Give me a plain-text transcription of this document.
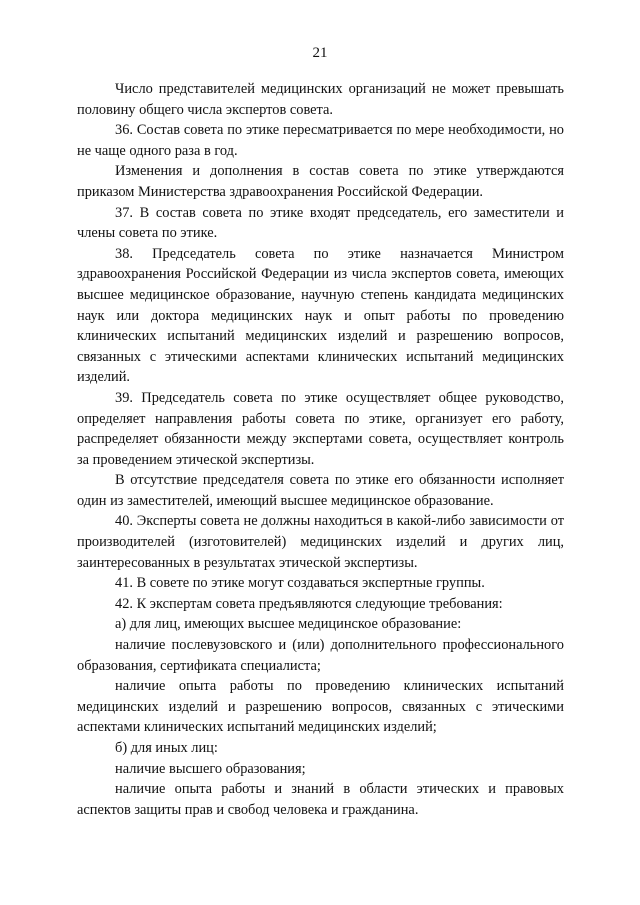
21

Число представителей медицинских организаций не может превышать половину общего числа экспертов совета.

36. Состав совета по этике пересматривается по мере необходимости, но не чаще одного раза в год.

Изменения и дополнения в состав совета по этике утверждаются приказом Министерства здравоохранения Российской Федерации.

37. В состав совета по этике входят председатель, его заместители и члены совета по этике.

38. Председатель совета по этике назначается Министром здравоохранения Российской Федерации из числа экспертов совета, имеющих высшее медицинское образование, научную степень кандидата медицинских наук или доктора медицинских наук и опыт работы по проведению клинических испытаний медицинских изделий и разрешению вопросов, связанных с этическими аспектами клинических испытаний медицинских изделий.

39. Председатель совета по этике осуществляет общее руководство, определяет направления работы совета по этике, организует его работу, распределяет обязанности между экспертами совета, осуществляет контроль за проведением этической экспертизы.

В отсутствие председателя совета по этике его обязанности исполняет один из заместителей, имеющий высшее медицинское образование.

40. Эксперты совета не должны находиться в какой-либо зависимости от производителей (изготовителей) медицинских изделий и других лиц, заинтересованных в результатах этической экспертизы.

41. В совете по этике могут создаваться экспертные группы.

42. К экспертам совета предъявляются следующие требования:

а) для лиц, имеющих высшее медицинское образование:

наличие послевузовского и (или) дополнительного профессионального образования, сертификата специалиста;

наличие опыта работы по проведению клинических испытаний медицинских изделий и разрешению вопросов, связанных с этическими аспектами клинических испытаний медицинских изделий;

б) для иных лиц:

наличие высшего образования;

наличие опыта работы и знаний в области этических и правовых аспектов защиты прав и свобод человека и гражданина.
